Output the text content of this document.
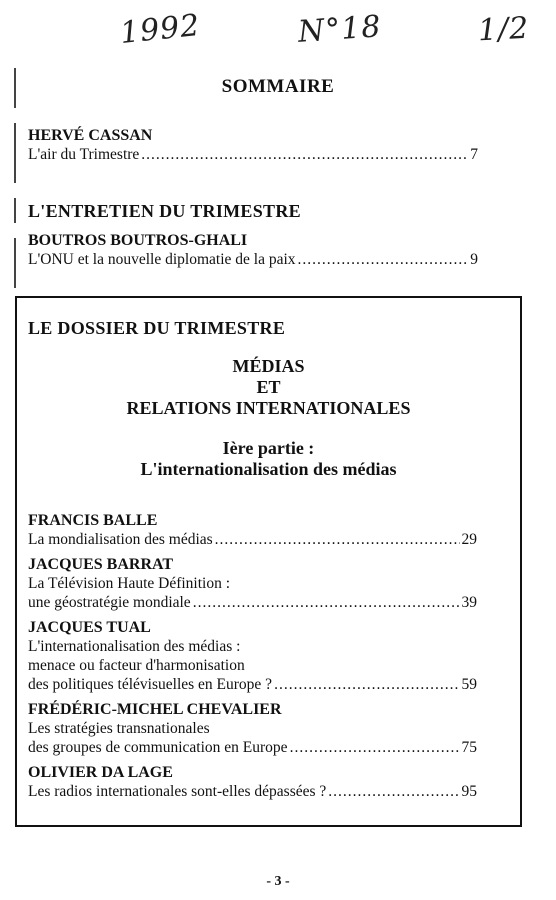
1992	N°18	1/2
SOMMAIRE
HERVÉ CASSAN
L'air du Trimestre .....	7
L'ENTRETIEN DU TRIMESTRE
BOUTROS BOUTROS-GHALI
L'ONU et la nouvelle diplomatie de la paix .....	9
LE DOSSIER DU TRIMESTRE
MÉDIAS
ET
RELATIONS INTERNATIONALES
Ière partie :
L'internationalisation des médias
FRANCIS BALLE
La mondialisation des médias .....	29
JACQUES BARRAT
La Télévision Haute Définition :
une géostratégie mondiale .....	39
JACQUES TUAL
L'internationalisation des médias :
menace ou facteur d'harmonisation
des politiques télévisuelles en Europe ? .....	59
FRÉDÉRIC-MICHEL CHEVALIER
Les stratégies transnationales
des groupes de communication en Europe .....	75
OLIVIER DA LAGE
Les radios internationales sont-elles dépassées ? .....	95
- 3 -
